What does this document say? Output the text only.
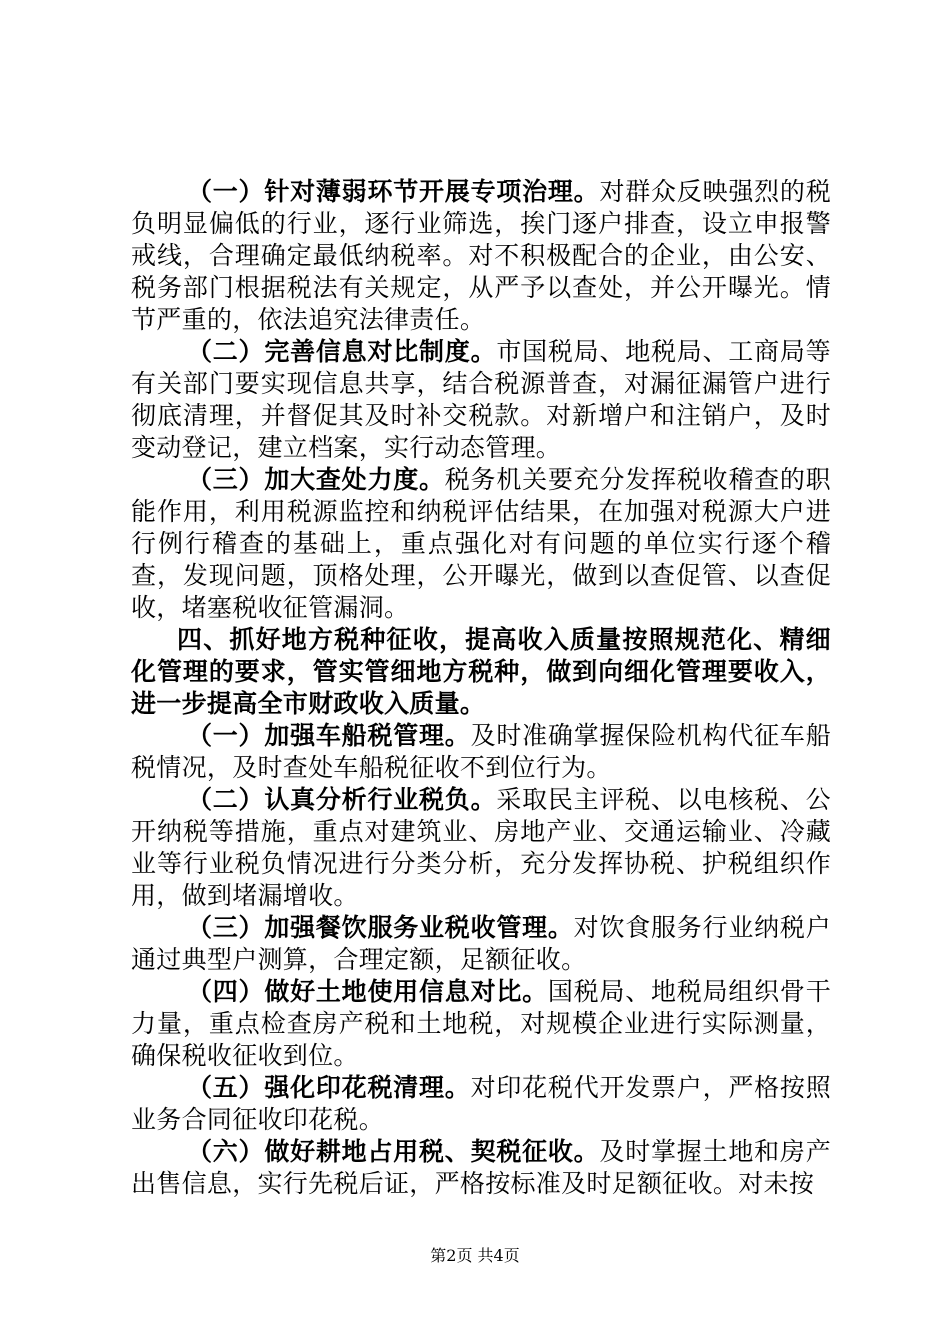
（一）针对薄弱环节开展专项治理。对群众反映强烈的税负明显偏低的行业，逐行业筛选，挨门逐户排查，设立申报警戒线，合理确定最低纳税率。对不积极配合的企业，由公安、税务部门根据税法有关规定，从严予以查处，并公开曝光。情节严重的，依法追究法律责任。

（二）完善信息对比制度。市国税局、地税局、工商局等有关部门要实现信息共享，结合税源普查，对漏征漏管户进行彻底清理，并督促其及时补交税款。对新增户和注销户，及时变动登记，建立档案，实行动态管理。

（三）加大查处力度。税务机关要充分发挥税收稽查的职能作用，利用税源监控和纳税评估结果，在加强对税源大户进行例行稽查的基础上，重点强化对有问题的单位实行逐个稽查，发现问题，顶格处理，公开曝光，做到以查促管、以查促收，堵塞税收征管漏洞。

四、抓好地方税种征收，提高收入质量按照规范化、精细化管理的要求，管实管细地方税种，做到向细化管理要收入，进一步提高全市财政收入质量。

（一）加强车船税管理。及时准确掌握保险机构代征车船税情况，及时查处车船税征收不到位行为。

（二）认真分析行业税负。采取民主评税、以电核税、公开纳税等措施，重点对建筑业、房地产业、交通运输业、冷藏业等行业税负情况进行分类分析，充分发挥协税、护税组织作用，做到堵漏增收。

（三）加强餐饮服务业税收管理。对饮食服务行业纳税户通过典型户测算，合理定额，足额征收。

（四）做好土地使用信息对比。国税局、地税局组织骨干力量，重点检查房产税和土地税，对规模企业进行实际测量，确保税收征收到位。

（五）强化印花税清理。对印花税代开发票户，严格按照业务合同征收印花税。

（六）做好耕地占用税、契税征收。及时掌握土地和房产出售信息，实行先税后证，严格按标准及时足额征收。对未按

第2页 共4页
